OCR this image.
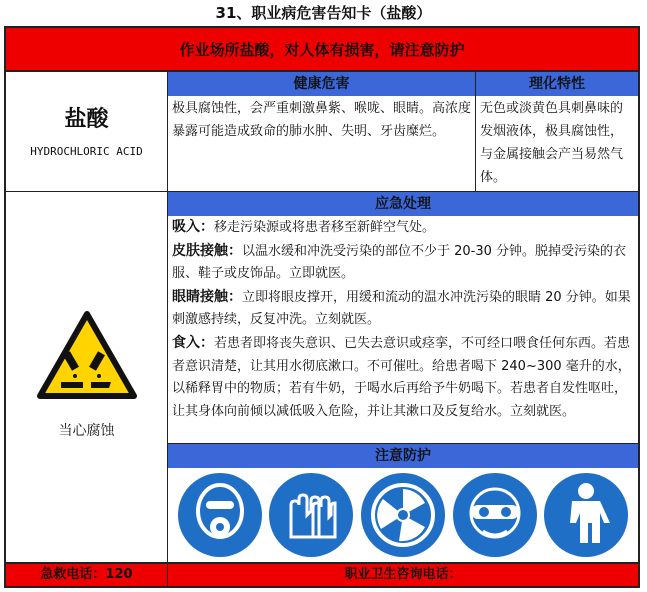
31、职业病危害告知卡（盐酸）
作业场所盐酸，对人体有损害，请注意防护
盐酸
HYDROCHLORIC ACID
健康危害	理化特性
极具腐蚀性，会严重刺激鼻紫、喉咙、眼睛。高浓度暴露可能造成致命的肺水肿、失明、牙齿糜烂。
无色或淡黄色具刺鼻味的发烟液体，极具腐蚀性，与金属接触会产当易然气体。
当心腐蚀
应急处理

吸入：移走污染源或将患者移至新鲜空气处。

皮肤接触：以温水缓和冲洗受污染的部位不少于 20-30 分钟。脱掉受污染的衣服、鞋子或皮饰品。立即就医。

眼睛接触：立即将眼皮撑开，用缓和流动的温水冲洗污染的眼睛 20 分钟。如果刺激感持续，反复冲洗。立刻就医。

食入：若患者即将丧失意识、已失去意识或痉挛，不可经口喂食任何东西。若患者意识清楚，让其用水彻底漱口。不可催吐。给患者喝下 240~300 毫升的水，以稀释胃中的物质；若有牛奶，于喝水后再给予牛奶喝下。若患者自发性呕吐，让其身体向前倾以减低吸入危险，并让其漱口及反复给水。立刻就医。

注意防护
急救电话：120	职业卫生咨询电话：
